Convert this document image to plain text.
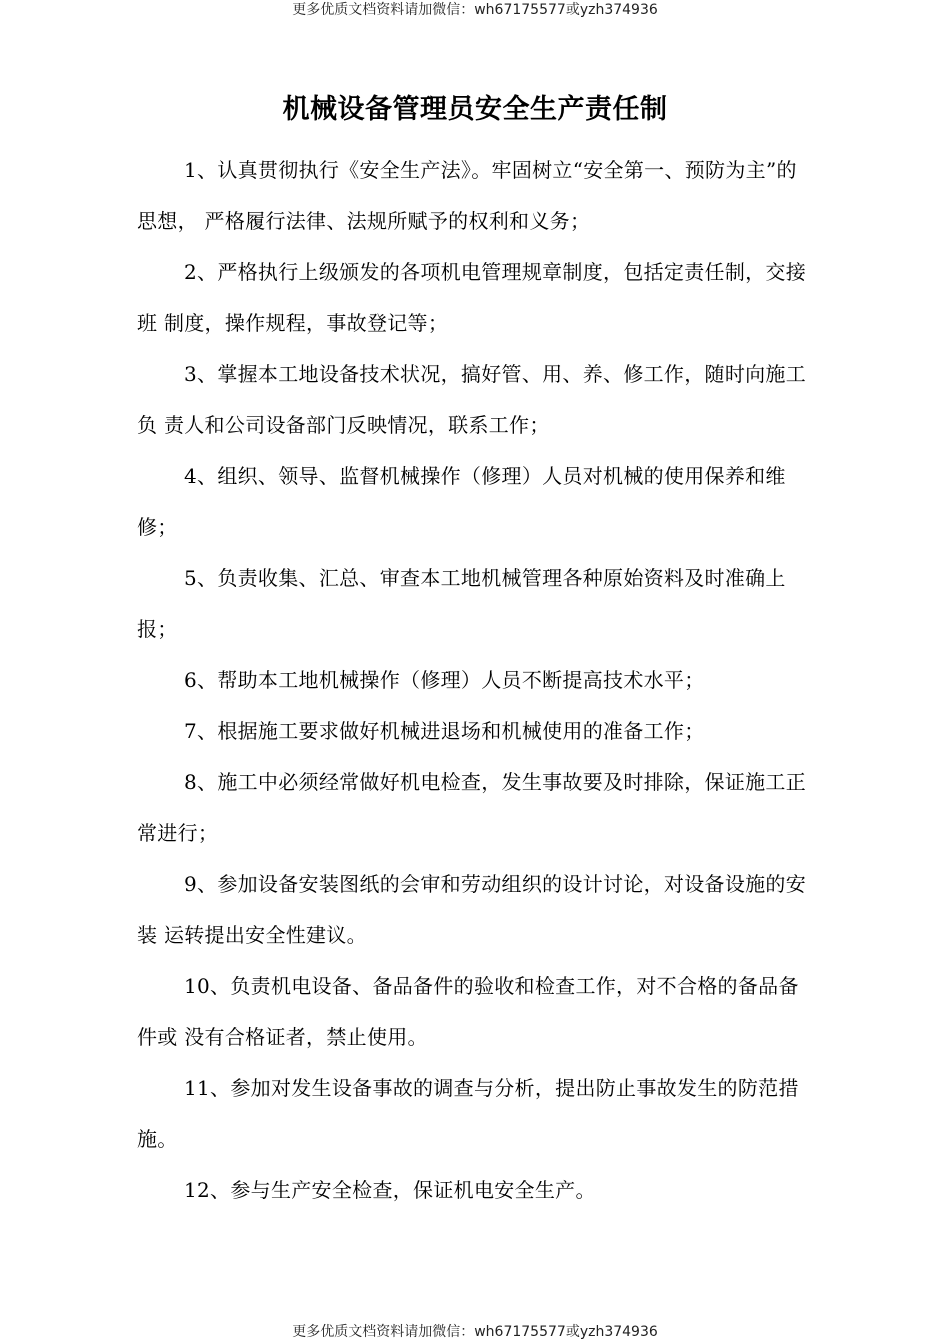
更多优质文档资料请加微信：wh67175577或yzh374936
机械设备管理员安全生产责任制

1、认真贯彻执行《安全生产法》。牢固树立“安全第一、预防为主”的思想， 严格履行法律、法规所赋予的权利和义务；

2、严格执行上级颁发的各项机电管理规章制度，包括定责任制，交接班 制度，操作规程，事故登记等；

3、掌握本工地设备技术状况，搞好管、用、养、修工作，随时向施工负 责人和公司设备部门反映情况，联系工作；

4、组织、领导、监督机械操作（修理）人员对机械的使用保养和维修；

5、负责收集、汇总、审查本工地机械管理各种原始资料及时准确上报；

6、帮助本工地机械操作（修理）人员不断提高技术水平；

7、根据施工要求做好机械进退场和机械使用的准备工作；

8、施工中必须经常做好机电检查，发生事故要及时排除，保证施工正常进行；

9、参加设备安装图纸的会审和劳动组织的设计讨论，对设备设施的安装 运转提出安全性建议。

10、负责机电设备、备品备件的验收和检查工作，对不合格的备品备件或 没有合格证者，禁止使用。

11、参加对发生设备事故的调查与分析，提出防止事故发生的防范措施。

12、参与生产安全检查，保证机电安全生产。

更多优质文档资料请加微信：wh67175577或yzh374936
